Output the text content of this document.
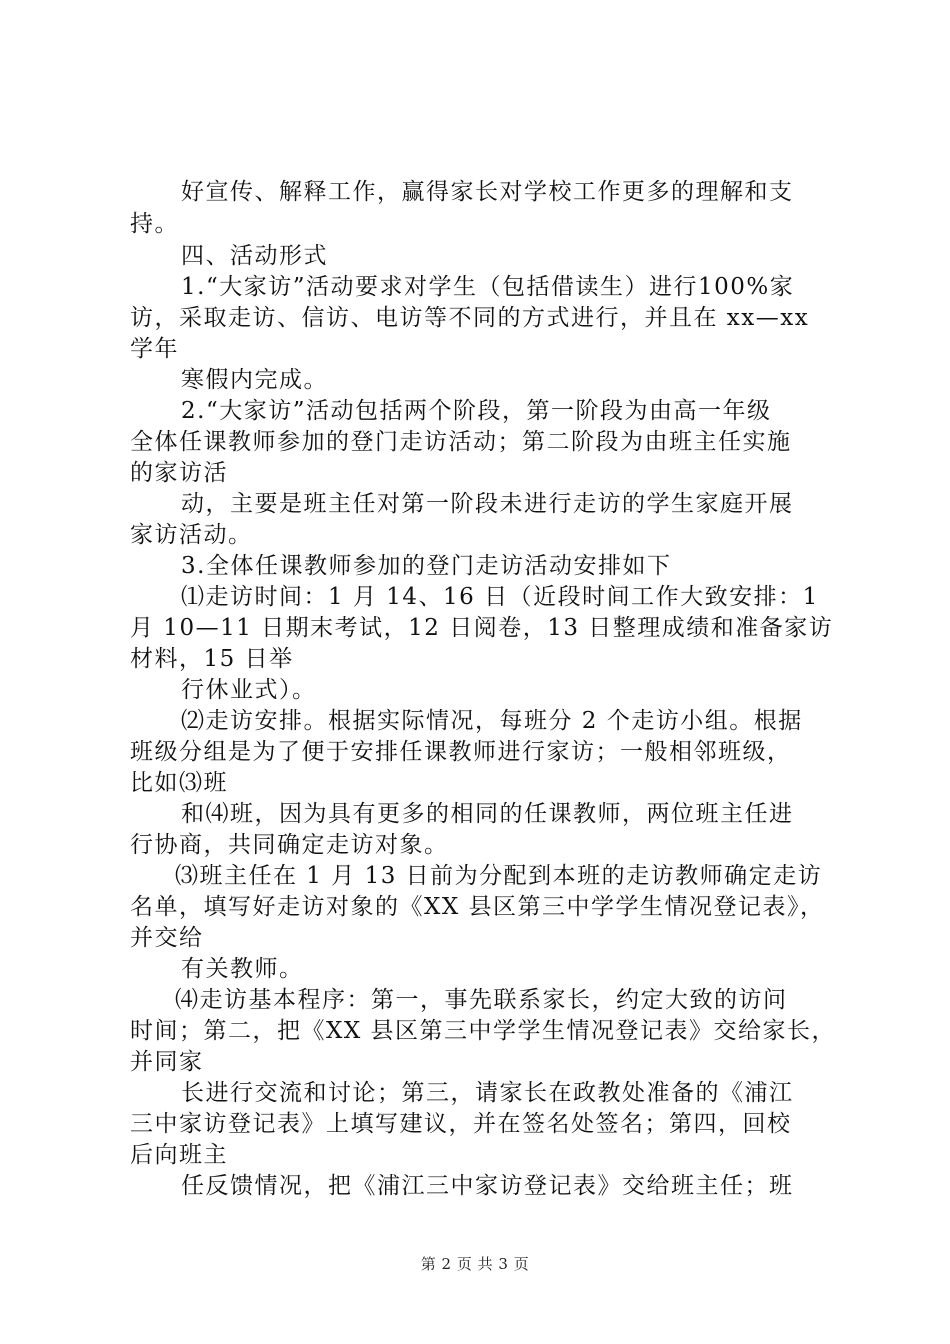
好宣传、解释工作，赢得家长对学校工作更多的理解和支
持。
四、活动形式
1.“大家访”活动要求对学生（包括借读生）进行100%家
访，采取走访、信访、电访等不同的方式进行，并且在 xx—xx
学年
寒假内完成。
2.“大家访”活动包括两个阶段，第一阶段为由高一年级
全体任课教师参加的登门走访活动；第二阶段为由班主任实施
的家访活
动，主要是班主任对第一阶段未进行走访的学生家庭开展
家访活动。
3.全体任课教师参加的登门走访活动安排如下
⑴走访时间：1 月 14、16 日（近段时间工作大致安排：1
月 10—11 日期末考试，12 日阅卷，13 日整理成绩和准备家访
材料，15 日举
行休业式）。
⑵走访安排。根据实际情况，每班分 2 个走访小组。根据
班级分组是为了便于安排任课教师进行家访；一般相邻班级，
比如⑶班
和⑷班，因为具有更多的相同的任课教师，两位班主任进
行协商，共同确定走访对象。
⑶班主任在 1 月 13 日前为分配到本班的走访教师确定走访
名单，填写好走访对象的《XX 县区第三中学学生情况登记表》，
并交给
有关教师。
⑷走访基本程序：第一，事先联系家长，约定大致的访问
时间；第二，把《XX 县区第三中学学生情况登记表》交给家长，
并同家
长进行交流和讨论；第三，请家长在政教处准备的《浦江
三中家访登记表》上填写建议，并在签名处签名；第四，回校
后向班主
任反馈情况，把《浦江三中家访登记表》交给班主任；班
第 2 页 共 3 页
